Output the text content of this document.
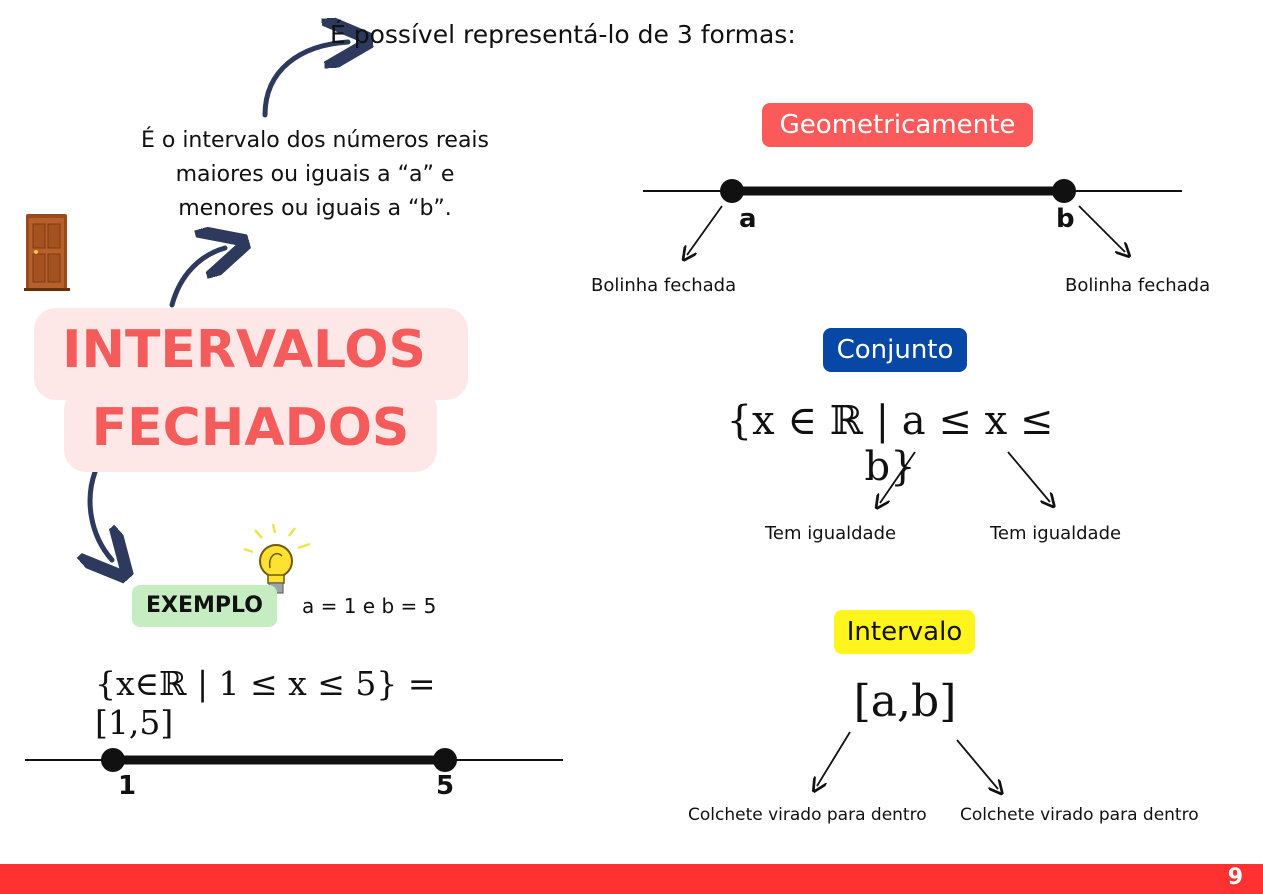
É possível representá-lo de 3 formas:
É o intervalo dos números reais
maiores ou iguais a “a” e
menores ou iguais a “b”.
INTERVALOS
FECHADOS
EXEMPLO	a = 1 e b = 5
{x∈ℝ | 1 ≤ x ≤ 5} = [1,5]
1	5
Geometricamente
a	b
Bolinha fechada	Bolinha fechada
Conjunto
{x ∈ ℝ | a ≤ x ≤ b}
Tem igualdade	Tem igualdade
Intervalo
[a,b]
Colchete virado para dentro Colchete virado para dentro
9
